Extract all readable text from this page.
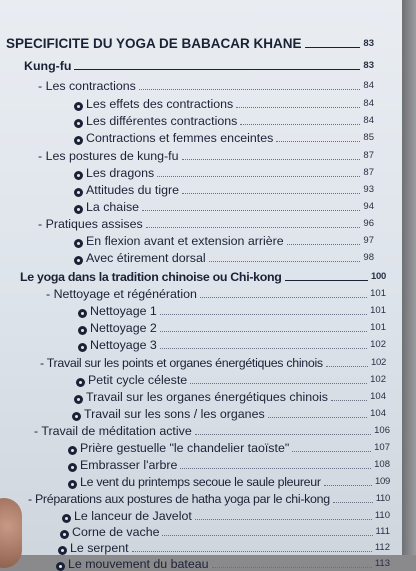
SPECIFICITE DU YOGA DE BABACAR KHANE	83
Kung-fu	83
- Les contractions	84
Les effets des contractions	84
Les différentes contractions	84
Contractions et femmes enceintes	85
- Les postures de kung-fu	87
Les dragons	87
Attitudes du tigre	93
La chaise	94
- Pratiques assises	96
En flexion avant et extension arrière	97
Avec étirement dorsal	98
Le yoga dans la tradition chinoise ou Chi-kong	100
- Nettoyage et régénération	101
Nettoyage 1	101
Nettoyage 2	101
Nettoyage 3	102
- Travail sur les points et organes énergétiques chinois	102
Petit cycle céleste	102
Travail sur les organes énergétiques chinois	104
Travail sur les sons / les organes	104
- Travail de méditation active	106
Prière gestuelle "le chandelier taoïste"	107
Embrasser l'arbre	108
Le vent du printemps secoue le saule pleureur	109
- Préparations aux postures de hatha yoga par le chi-kong	110
Le lanceur de Javelot	110
Corne de vache	111
Le serpent	112
Le mouvement du bateau	113
